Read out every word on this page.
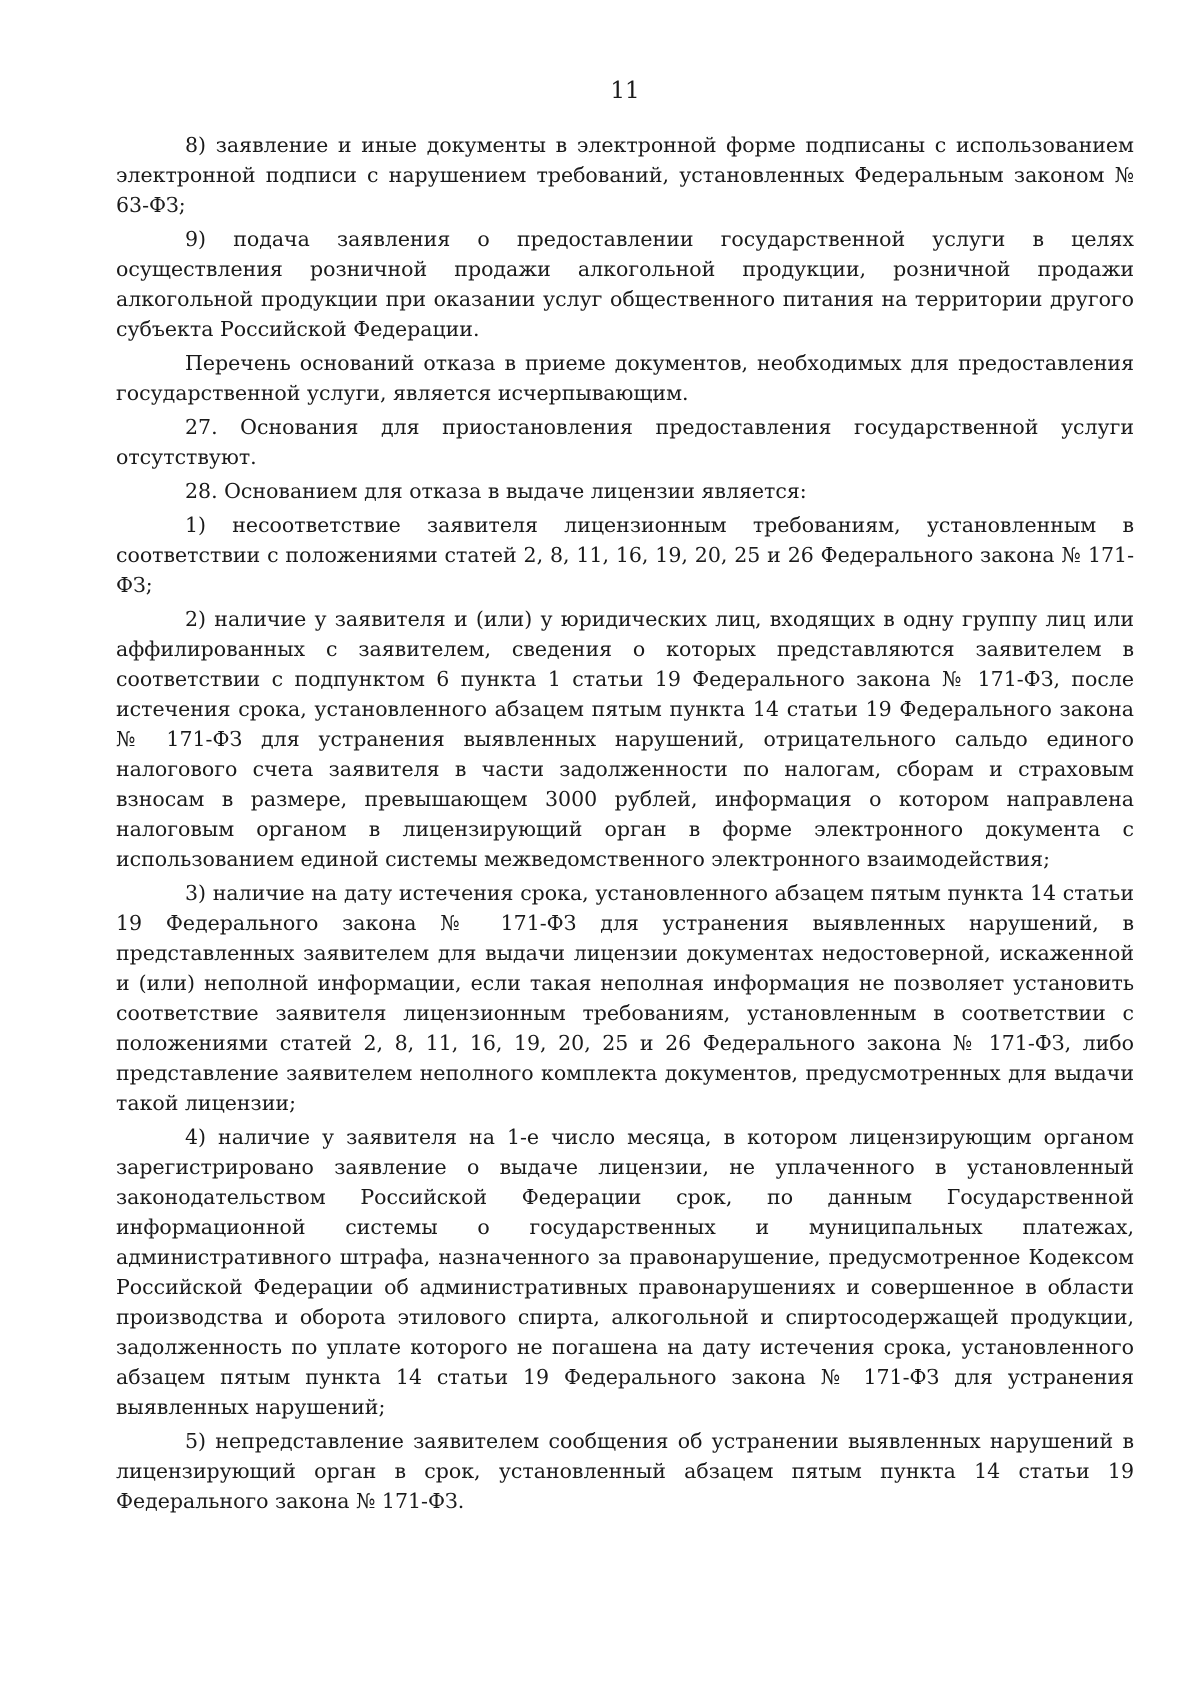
11

8) заявление и иные документы в электронной форме подписаны с использованием электронной подписи с нарушением требований, установленных Федеральным законом № 63-ФЗ;

9) подача заявления о предоставлении государственной услуги в целях осуществления розничной продажи алкогольной продукции, розничной продажи алкогольной продукции при оказании услуг общественного питания на территории другого субъекта Российской Федерации.

Перечень оснований отказа в приеме документов, необходимых для предоставления государственной услуги, является исчерпывающим.

27. Основания для приостановления предоставления государственной услуги отсутствуют.

28. Основанием для отказа в выдаче лицензии является:

1) несоответствие заявителя лицензионным требованиям, установленным в соответствии с положениями статей 2, 8, 11, 16, 19, 20, 25 и 26 Федерального закона № 171-ФЗ;

2) наличие у заявителя и (или) у юридических лиц, входящих в одну группу лиц или аффилированных с заявителем, сведения о которых представляются заявителем в соответствии с подпунктом 6 пункта 1 статьи 19 Федерального закона № 171-ФЗ, после истечения срока, установленного абзацем пятым пункта 14 статьи 19 Федерального закона № 171-ФЗ для устранения выявленных нарушений, отрицательного сальдо единого налогового счета заявителя в части задолженности по налогам, сборам и страховым взносам в размере, превышающем 3000 рублей, информация о котором направлена налоговым органом в лицензирующий орган в форме электронного документа с использованием единой системы межведомственного электронного взаимодействия;

3) наличие на дату истечения срока, установленного абзацем пятым пункта 14 статьи 19 Федерального закона № 171-ФЗ для устранения выявленных нарушений, в представленных заявителем для выдачи лицензии документах недостоверной, искаженной и (или) неполной информации, если такая неполная информация не позволяет установить соответствие заявителя лицензионным требованиям, установленным в соответствии с положениями статей 2, 8, 11, 16, 19, 20, 25 и 26 Федерального закона № 171-ФЗ, либо представление заявителем неполного комплекта документов, предусмотренных для выдачи такой лицензии;

4) наличие у заявителя на 1-е число месяца, в котором лицензирующим органом зарегистрировано заявление о выдаче лицензии, не уплаченного в установленный законодательством Российской Федерации срок, по данным Государственной информационной системы о государственных и муниципальных платежах, административного штрафа, назначенного за правонарушение, предусмотренное Кодексом Российской Федерации об административных правонарушениях и совершенное в области производства и оборота этилового спирта, алкогольной и спиртосодержащей продукции, задолженность по уплате которого не погашена на дату истечения срока, установленного абзацем пятым пункта 14 статьи 19 Федерального закона № 171-ФЗ для устранения выявленных нарушений;

5) непредставление заявителем сообщения об устранении выявленных нарушений в лицензирующий орган в срок, установленный абзацем пятым пункта 14 статьи 19 Федерального закона № 171-ФЗ.
